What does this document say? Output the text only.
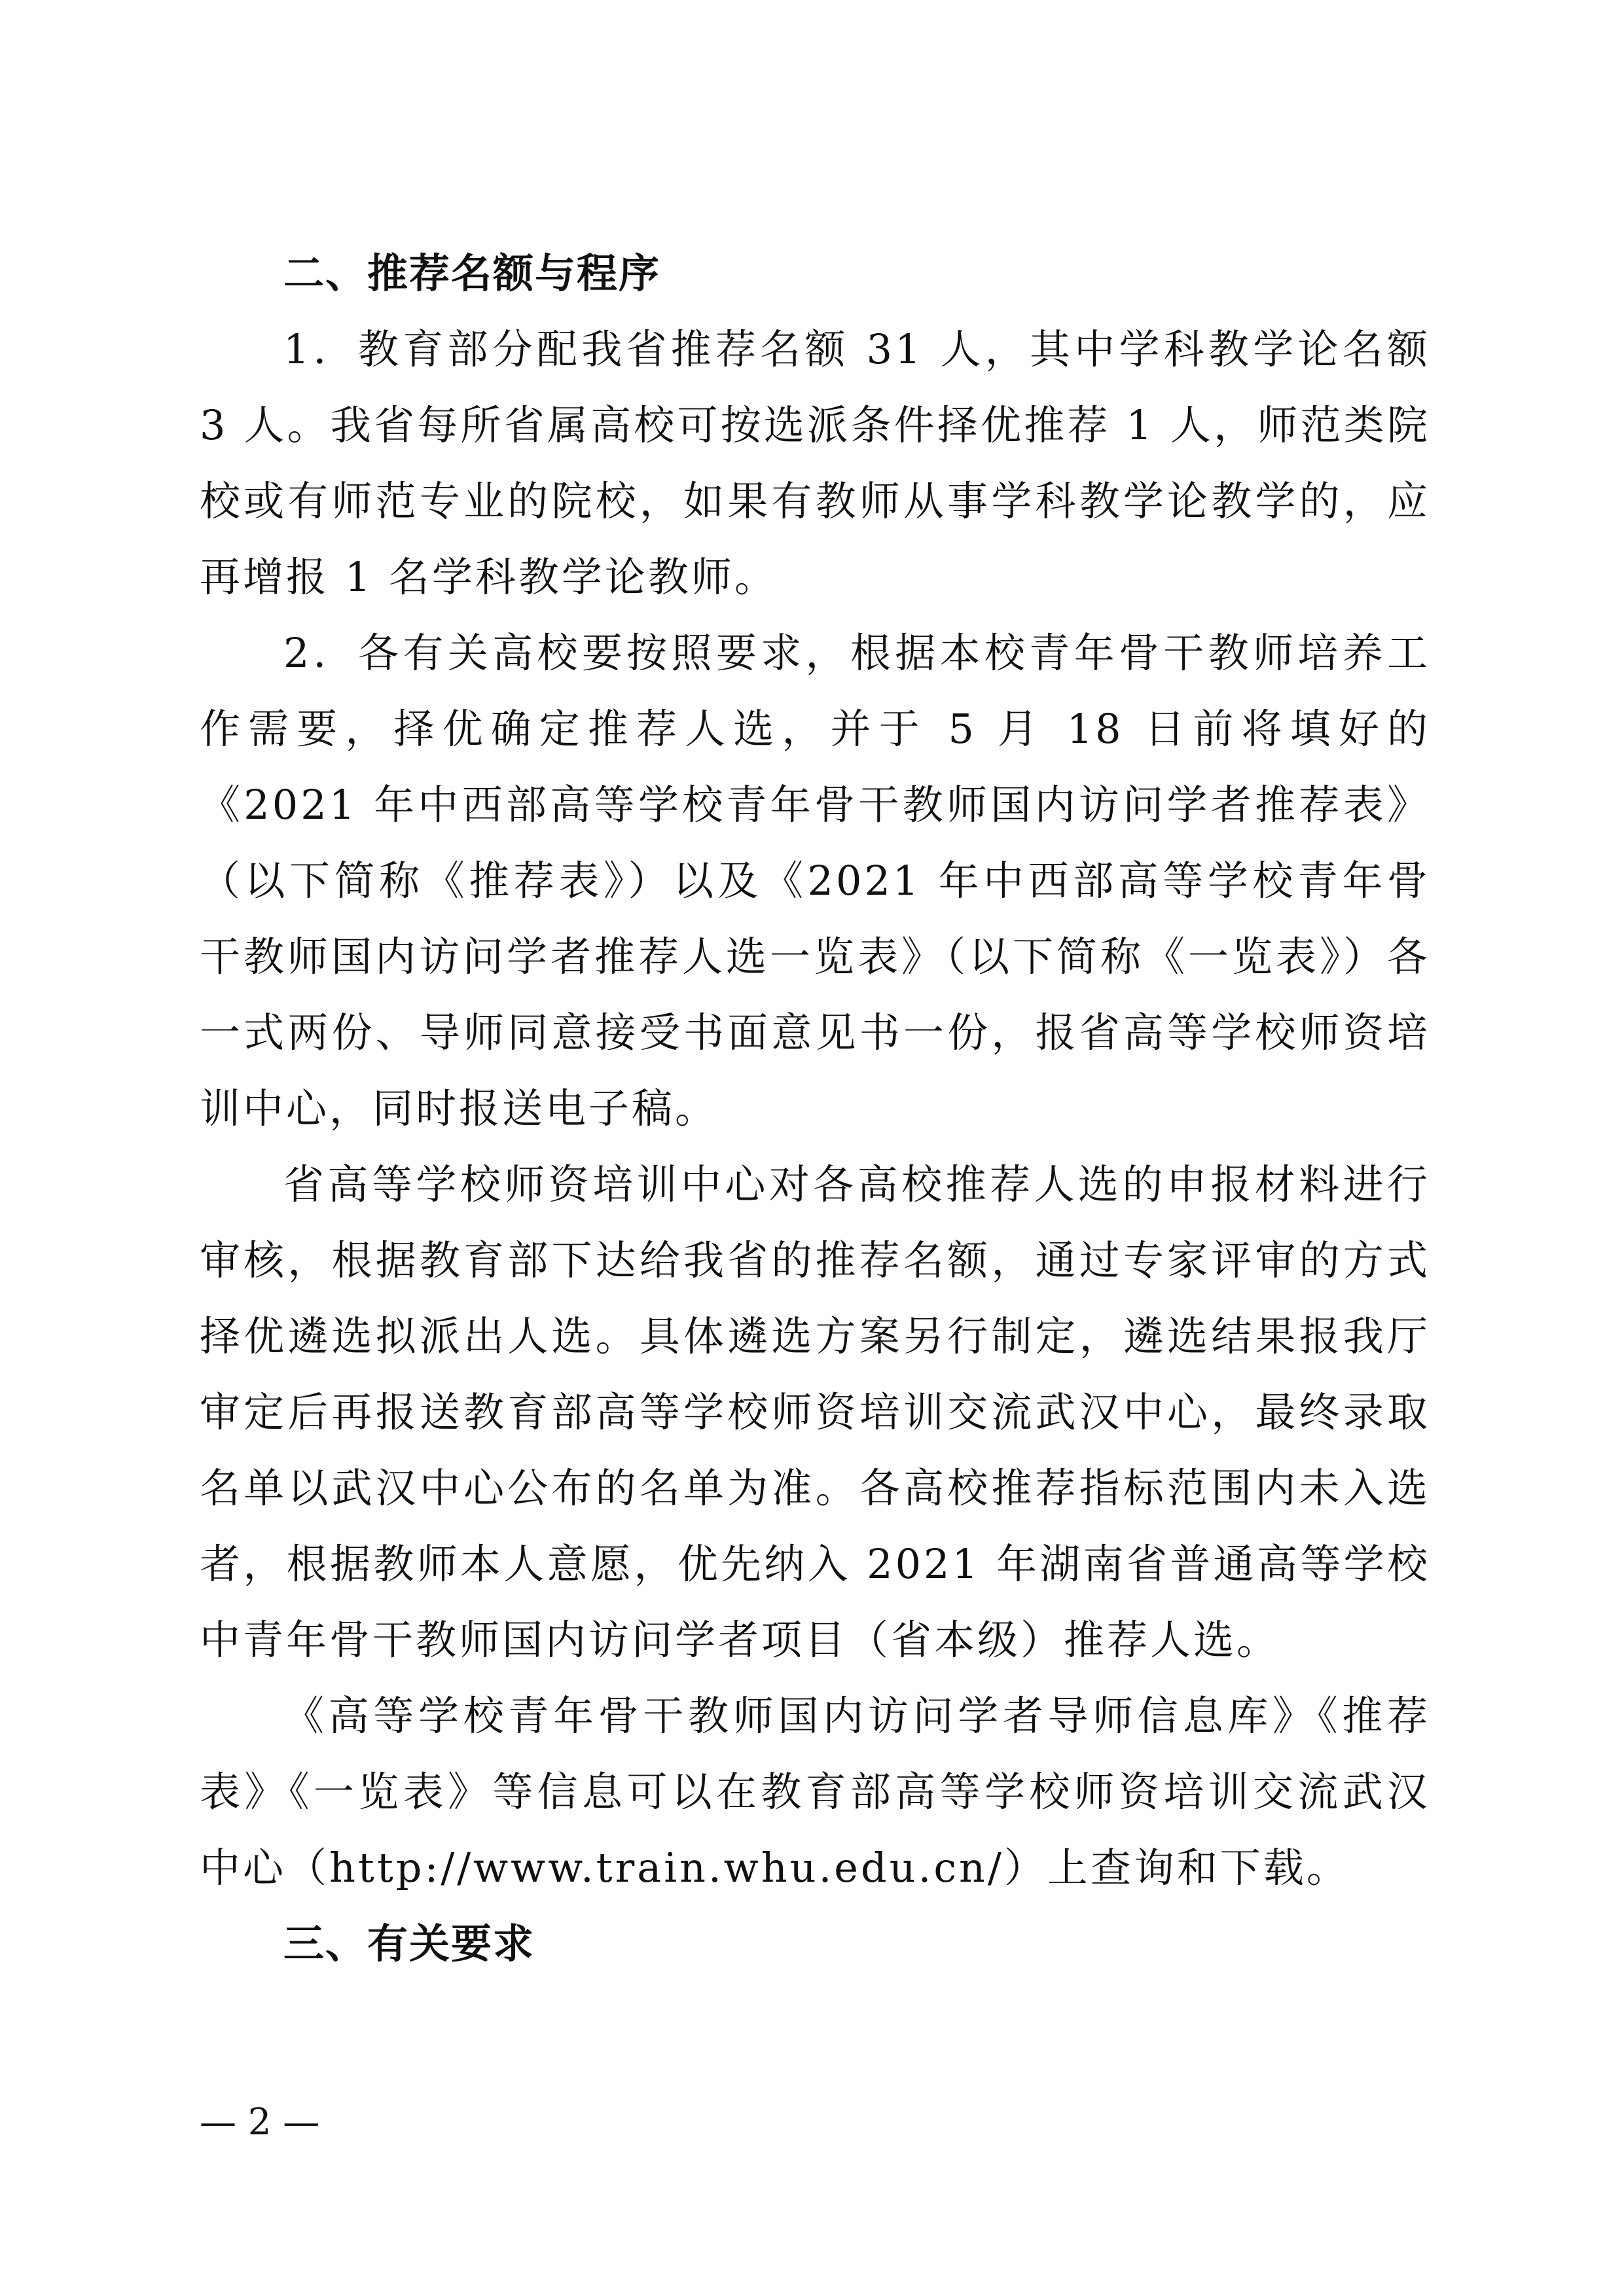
二、推荐名额与程序

1．教育部分配我省推荐名额 31 人，其中学科教学论名额 3 人。我省每所省属高校可按选派条件择优推荐 1 人，师范类院校或有师范专业的院校，如果有教师从事学科教学论教学的，应再增报 1 名学科教学论教师。

2．各有关高校要按照要求，根据本校青年骨干教师培养工作需要，择优确定推荐人选，并于 5 月 18 日前将填好的《2021 年中西部高等学校青年骨干教师国内访问学者推荐表》（以下简称《推荐表》）以及《2021 年中西部高等学校青年骨干教师国内访问学者推荐人选一览表》（以下简称《一览表》）各一式两份、导师同意接受书面意见书一份，报省高等学校师资培训中心，同时报送电子稿。

省高等学校师资培训中心对各高校推荐人选的申报材料进行审核，根据教育部下达给我省的推荐名额，通过专家评审的方式择优遴选拟派出人选。具体遴选方案另行制定，遴选结果报我厅审定后再报送教育部高等学校师资培训交流武汉中心，最终录取名单以武汉中心公布的名单为准。各高校推荐指标范围内未入选者，根据教师本人意愿，优先纳入 2021 年湖南省普通高等学校中青年骨干教师国内访问学者项目（省本级）推荐人选。

《高等学校青年骨干教师国内访问学者导师信息库》《推荐表》《一览表》等信息可以在教育部高等学校师资培训交流武汉中心（http://www.train.whu.edu.cn/）上查询和下载。

三、有关要求

— 2 —
